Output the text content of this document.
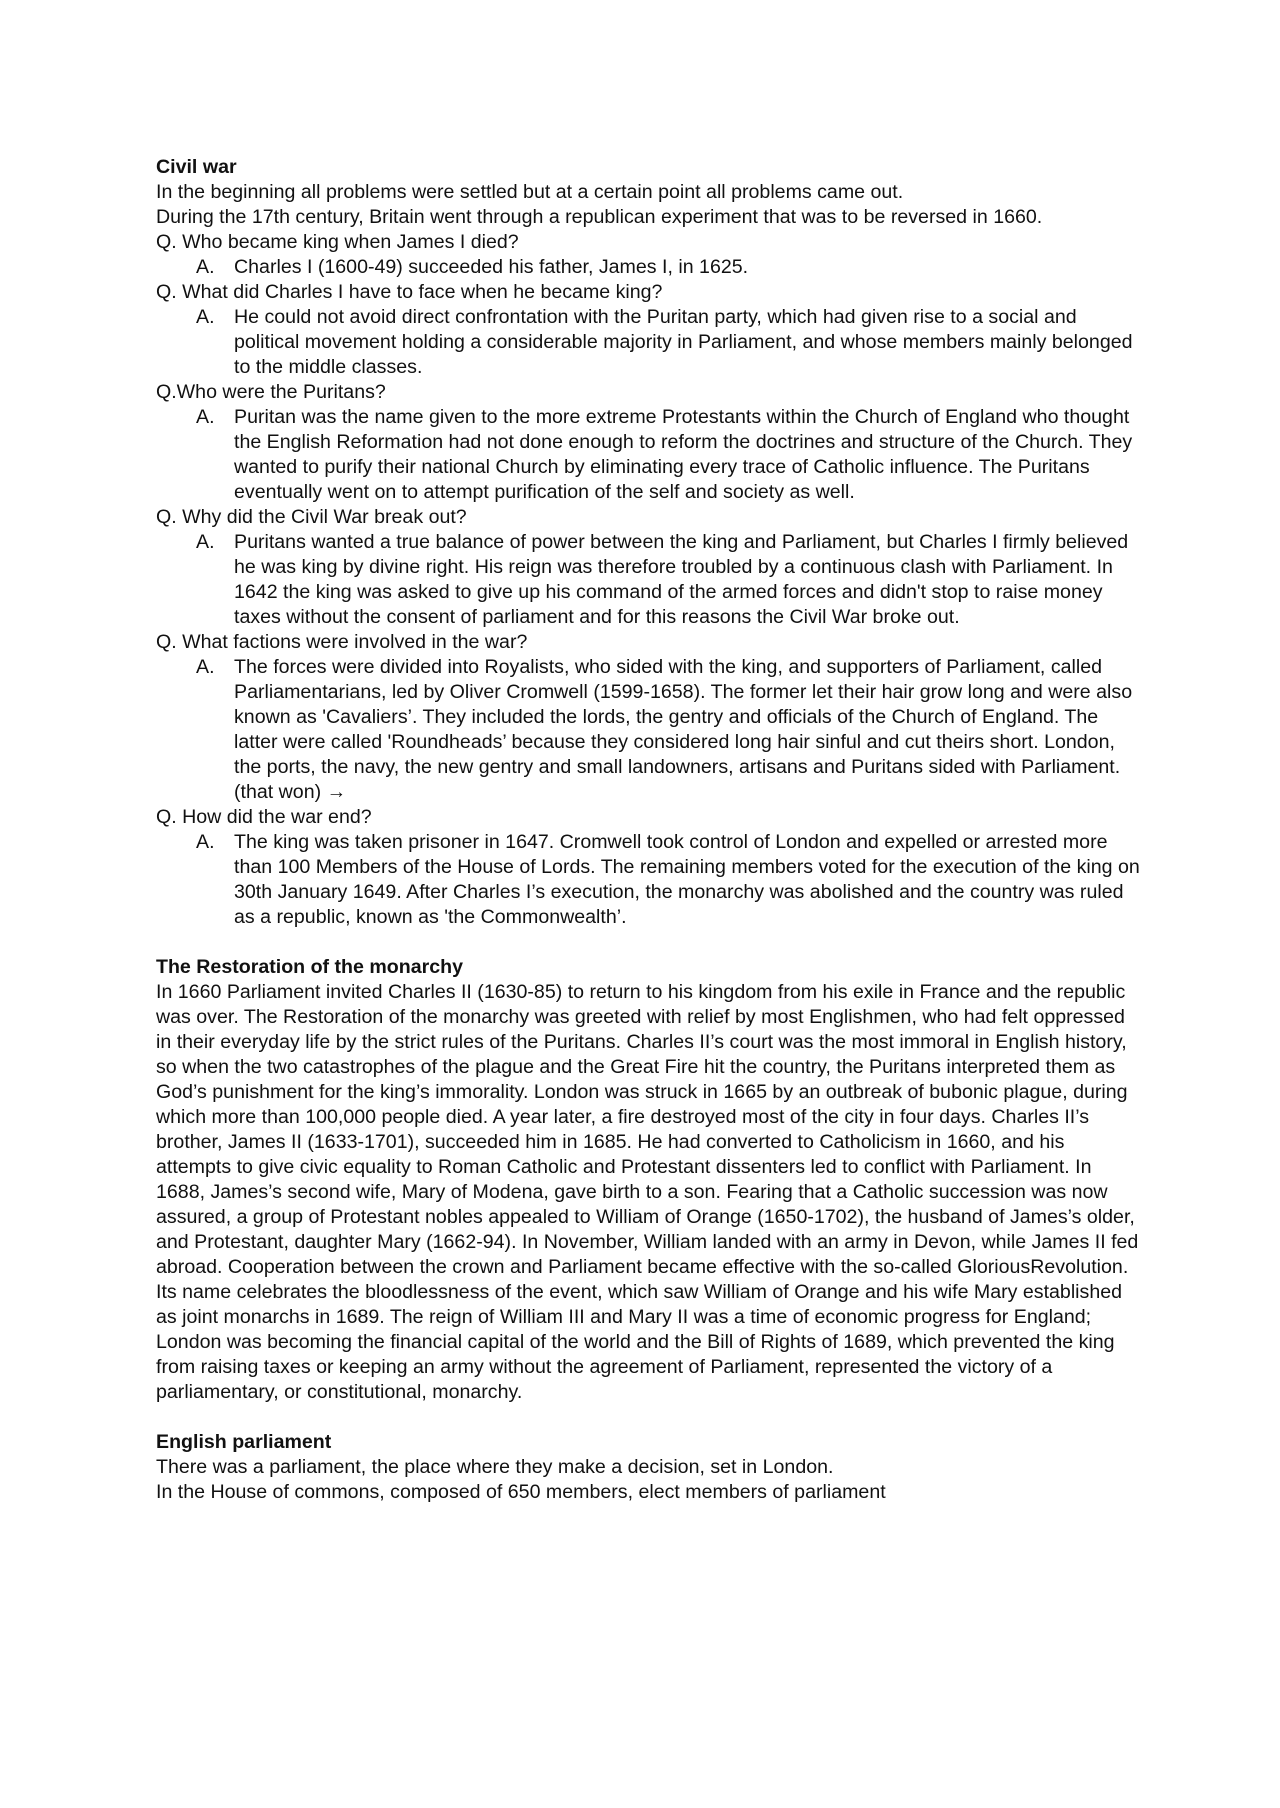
Civil war

In the beginning all problems were settled but at a certain point all problems came out.

During the 17th century, Britain went through a republican experiment that was to be reversed in 1660.

Q. Who became king when James I died?

A. Charles I (1600-49) succeeded his father, James I, in 1625.

Q. What did Charles I have to face when he became king?

A. He could not avoid direct confrontation with the Puritan party, which had given rise to a social and political movement holding a considerable majority in Parliament, and whose members mainly belonged to the middle classes.

Q.Who were the Puritans?

A. Puritan was the name given to the more extreme Protestants within the Church of England who thought the English Reformation had not done enough to reform the doctrines and structure of the Church. They wanted to purify their national Church by eliminating every trace of Catholic influence. The Puritans eventually went on to attempt purification of the self and society as well.

Q. Why did the Civil War break out?

A. Puritans wanted a true balance of power between the king and Parliament, but Charles I firmly believed he was king by divine right. His reign was therefore troubled by a continuous clash with Parliament. In 1642 the king was asked to give up his command of the armed forces and didn't stop to raise money taxes without the consent of parliament and for this reasons the Civil War broke out.

Q. What factions were involved in the war?

A. The forces were divided into Royalists, who sided with the king, and supporters of Parliament, called Parliamentarians, led by Oliver Cromwell (1599-1658). The former let their hair grow long and were also known as 'Cavaliers’. They included the lords, the gentry and officials of the Church of England. The latter were called 'Roundheads’ because they considered long hair sinful and cut theirs short. London, the ports, the navy, the new gentry and small landowners, artisans and Puritans sided with Parliament. (that won) →

Q. How did the war end?

A. The king was taken prisoner in 1647. Cromwell took control of London and expelled or arrested more than 100 Members of the House of Lords. The remaining members voted for the execution of the king on 30th January 1649. After Charles I’s execution, the monarchy was abolished and the country was ruled as a republic, known as 'the Commonwealth’.

The Restoration of the monarchy

In 1660 Parliament invited Charles II (1630-85) to return to his kingdom from his exile in France and the republic was over. The Restoration of the monarchy was greeted with relief by most Englishmen, who had felt oppressed in their everyday life by the strict rules of the Puritans. Charles II’s court was the most immoral in English history, so when the two catastrophes of the plague and the Great Fire hit the country, the Puritans interpreted them as God’s punishment for the king’s immorality. London was struck in 1665 by an outbreak of bubonic plague, during which more than 100,000 people died. A year later, a fire destroyed most of the city in four days. Charles II’s brother, James II (1633-1701), succeeded him in 1685. He had converted to Catholicism in 1660, and his attempts to give civic equality to Roman Catholic and Protestant dissenters led to conflict with Parliament. In 1688, James’s second wife, Mary of Modena, gave birth to a son. Fearing that a Catholic succession was now assured, a group of Protestant nobles appealed to William of Orange (1650-1702), the husband of James’s older, and Protestant, daughter Mary (1662-94). In November, William landed with an army in Devon, while James II fed abroad. Cooperation between the crown and Parliament became effective with the so-called GloriousRevolution. Its name celebrates the bloodlessness of the event, which saw William of Orange and his wife Mary established as joint monarchs in 1689. The reign of William III and Mary II was a time of economic progress for England; London was becoming the financial capital of the world and the Bill of Rights of 1689, which prevented the king from raising taxes or keeping an army without the agreement of Parliament, represented the victory of a parliamentary, or constitutional, monarchy.

English parliament

There was a parliament, the place where they make a decision, set in London.

In the House of commons, composed of 650 members, elect members of parliament
